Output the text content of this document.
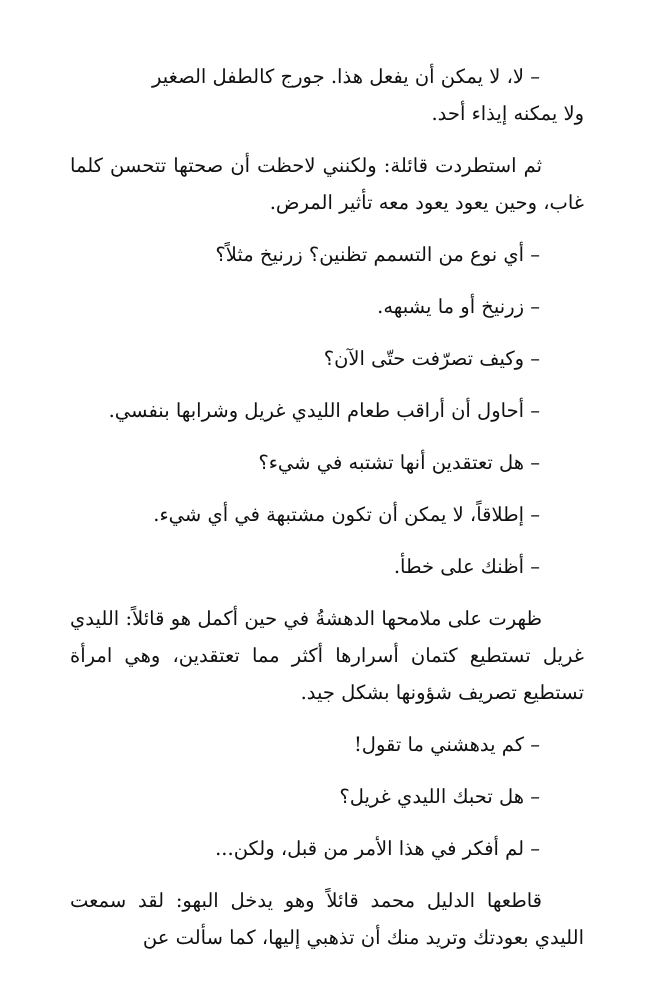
– لا، لا يمكن أن يفعل هذا. جورج كالطفل الصغير
ولا يمكنه إيذاء أحد.

ثم استطردت قائلة: ولكنني لاحظت أن صحتها تتحسن كلما غاب، وحين يعود يعود معه تأثير المرض.

– أي نوع من التسمم تظنين؟ زرنيخ مثلاً؟

– زرنيخ أو ما يشبهه.

– وكيف تصرّفت حتّى الآن؟

– أحاول أن أراقب طعام الليدي غريل وشرابها بنفسي.

– هل تعتقدين أنها تشتبه في شيء؟

– إطلاقاً، لا يمكن أن تكون مشتبهة في أي شيء.

– أظنك على خطأ.

ظهرت على ملامحها الدهشةُ في حين أكمل هو قائلاً: الليدي غريل تستطيع كتمان أسرارها أكثر مما تعتقدين، وهي امرأة تستطيع تصريف شؤونها بشكل جيد.

– كم يدهشني ما تقول!

– هل تحبك الليدي غريل؟

– لم أفكر في هذا الأمر من قبل، ولكن...

قاطعها الدليل محمد قائلاً وهو يدخل البهو: لقد سمعت الليدي بعودتك وتريد منك أن تذهبي إليها، كما سألت عن
